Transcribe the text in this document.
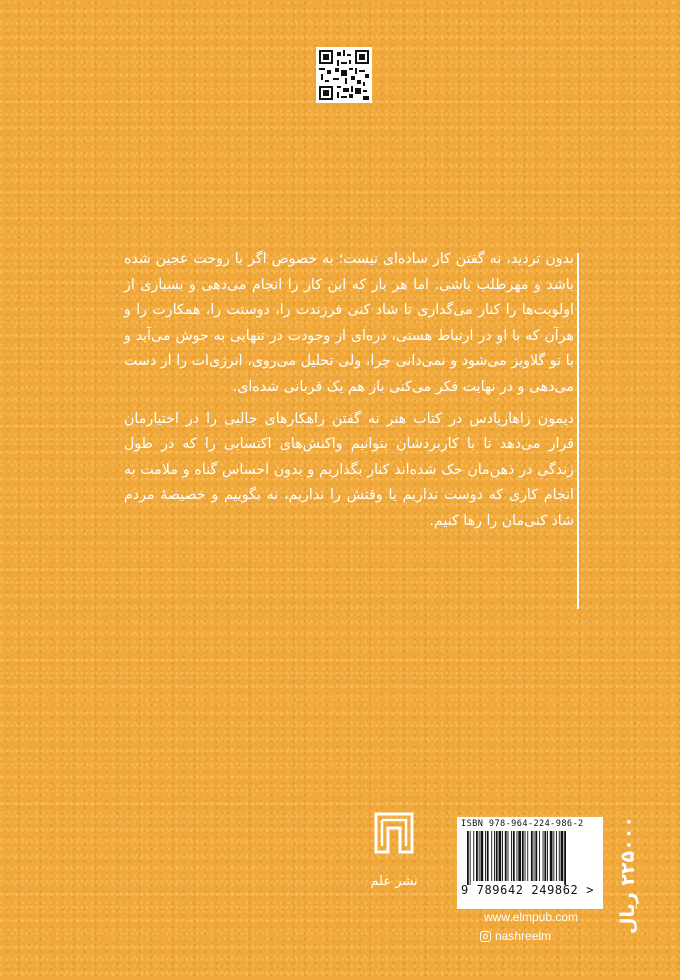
بدون تردید، نه گفتن کار ساده‌ای نیست؛ به خصوص اگر با روحت عجین شده باشد و مهرطلب باشی. اما هر بار که این کار را انجام می‌دهی و بسیاری از اولویت‌ها را کنار می‌گذاری تا شاد کنی فرزندت را، دوستت را، همکارت را و هرآن که با او در ارتباط هستی، ذره‌ای از وجودت در تنهایی به جوش می‌آید و با تو گلاویز می‌شود و نمی‌دانی چرا، ولی تحلیل می‌روی، انرژی‌ات را از دست می‌دهی و در نهایت فکر می‌کنی باز هم یک قربانی شده‌ای.

دیمون زاهاریادس در کتاب هنر نه گفتن راهکارهای جالبی را در اختیارمان قرار می‌دهد تا با کاربردشان بتوانیم واکنش‌های اکتسابی را که در طول زندگی در ذهن‌مان حک شده‌اند کنار بگذاریم و بدون احساس گناه و ملامت به انجام کاری که دوست نداریم یا وقتش را نداریم، نه بگوییم و خصیصهٔ مردم شاد کنی‌مان را رها کنیم.

نشر علم
ISBN 978-964-224-986-2
9 789642 249862 >
www.elmpub.com
nashreelm
۲۲۵۰۰۰ ریال
